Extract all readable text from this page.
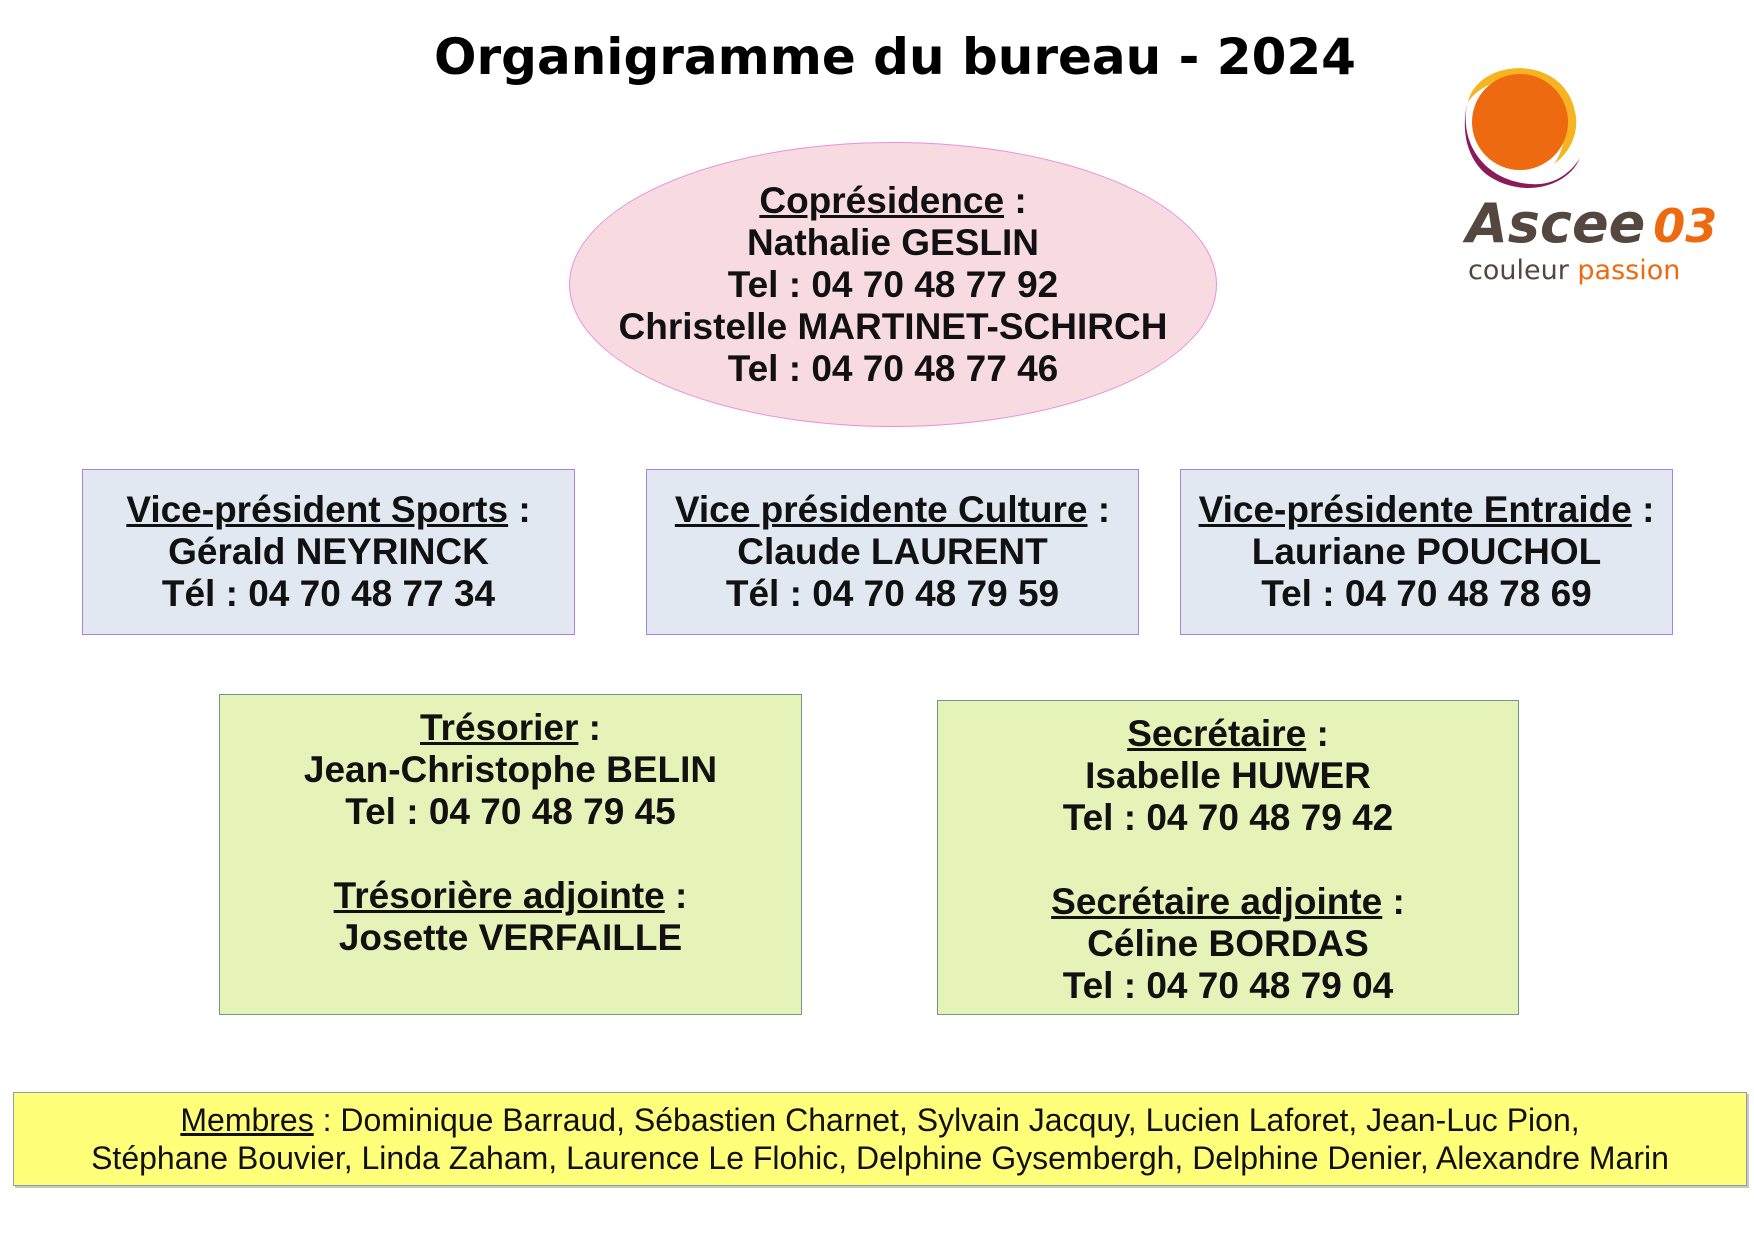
Organigramme du bureau - 2024
Ascee 03
couleur passion
Coprésidence :
Nathalie GESLIN
Tel : 04 70 48 77 92
Christelle MARTINET-SCHIRCH
Tel : 04 70 48 77 46
Vice-président Sports :
Gérald NEYRINCK
Tél : 04 70 48 77 34
Vice présidente Culture :
Claude LAURENT
Tél : 04 70 48 79 59
Vice-présidente Entraide :
Lauriane POUCHOL
Tel : 04 70 48 78 69
Trésorier :
Jean-Christophe BELIN
Tel : 04 70 48 79 45
Trésorière adjointe :
Josette VERFAILLE
Secrétaire :
Isabelle HUWER
Tel : 04 70 48 79 42
Secrétaire adjointe :
Céline BORDAS
Tel : 04 70 48 79 04
Membres : Dominique Barraud, Sébastien Charnet, Sylvain Jacquy, Lucien Laforet, Jean-Luc Pion,
Stéphane Bouvier, Linda Zaham, Laurence Le Flohic, Delphine Gysembergh, Delphine Denier, Alexandre Marin
